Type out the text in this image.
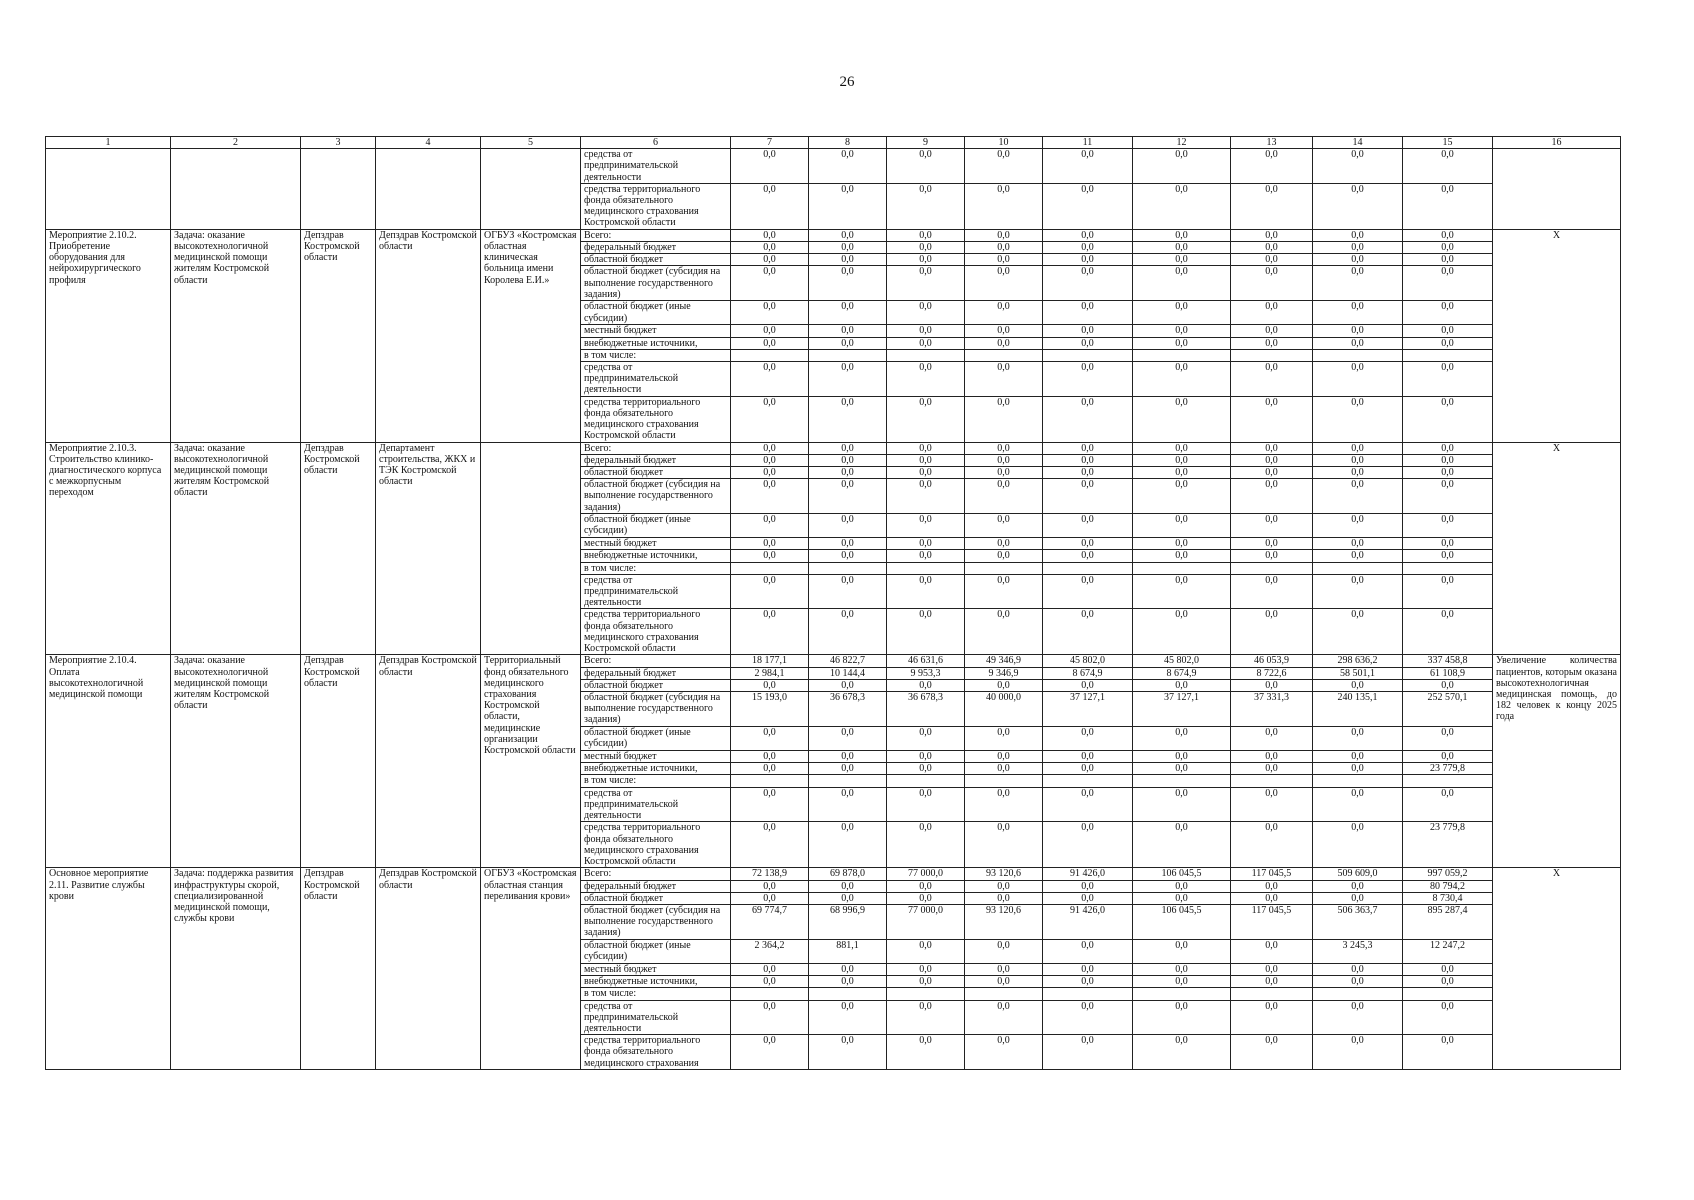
26
1	2	3	4	5	6	7	8	9	10	11	12	13	14	15	16
					средства от предпринимательской деятельности	0,0	0,0	0,0	0,0	0,0	0,0	0,0	0,0	0,0	
					средства территориального фонда обязательного медицинского страхования Костромской области	0,0	0,0	0,0	0,0	0,0	0,0	0,0	0,0	0,0	
Мероприятие 2.10.2. Приобретение оборудования для нейрохирургического профиля	Задача: оказание высокотехнологичной медицинской помощи жителям Костромской области	Депздрав Костромской области	Депздрав Костромской области	ОГБУЗ «Костромская областная клиническая больница имени Королева Е.И.»	Всего:	0,0	0,0	0,0	0,0	0,0	0,0	0,0	0,0	0,0	X
					федеральный бюджет	0,0	0,0	0,0	0,0	0,0	0,0	0,0	0,0	0,0	
					областной бюджет	0,0	0,0	0,0	0,0	0,0	0,0	0,0	0,0	0,0	
					областной бюджет (субсидия на выполнение государственного задания)	0,0	0,0	0,0	0,0	0,0	0,0	0,0	0,0	0,0	
					областной бюджет (иные субсидии)	0,0	0,0	0,0	0,0	0,0	0,0	0,0	0,0	0,0	
					местный бюджет	0,0	0,0	0,0	0,0	0,0	0,0	0,0	0,0	0,0	
					внебюджетные источники,	0,0	0,0	0,0	0,0	0,0	0,0	0,0	0,0	0,0	
					в том числе:										
					средства от предпринимательской деятельности	0,0	0,0	0,0	0,0	0,0	0,0	0,0	0,0	0,0	
					средства территориального фонда обязательного медицинского страхования Костромской области	0,0	0,0	0,0	0,0	0,0	0,0	0,0	0,0	0,0	
Мероприятие 2.10.3. Строительство клинико-диагностического корпуса с межкорпусным переходом	Задача: оказание высокотехнологичной медицинской помощи жителям Костромской области	Депздрав Костромской области	Департамент строительства, ЖКХ и ТЭК Костромской области		Всего:	0,0	0,0	0,0	0,0	0,0	0,0	0,0	0,0	0,0	X
					федеральный бюджет	0,0	0,0	0,0	0,0	0,0	0,0	0,0	0,0	0,0	
					областной бюджет	0,0	0,0	0,0	0,0	0,0	0,0	0,0	0,0	0,0	
					областной бюджет (субсидия на выполнение государственного задания)	0,0	0,0	0,0	0,0	0,0	0,0	0,0	0,0	0,0	
					областной бюджет (иные субсидии)	0,0	0,0	0,0	0,0	0,0	0,0	0,0	0,0	0,0	
					местный бюджет	0,0	0,0	0,0	0,0	0,0	0,0	0,0	0,0	0,0	
					внебюджетные источники,	0,0	0,0	0,0	0,0	0,0	0,0	0,0	0,0	0,0	
					в том числе:										
					средства от предпринимательской деятельности	0,0	0,0	0,0	0,0	0,0	0,0	0,0	0,0	0,0	
					средства территориального фонда обязательного медицинского страхования Костромской области	0,0	0,0	0,0	0,0	0,0	0,0	0,0	0,0	0,0	
Мероприятие 2.10.4. Оплата высокотехнологичной медицинской помощи	Задача: оказание высокотехнологичной медицинской помощи жителям Костромской области	Депздрав Костромской области	Депздрав Костромской области	Территориальный фонд обязательного медицинского страхования Костромской области, медицинские организации Костромской области	Всего:	18 177,1	46 822,7	46 631,6	49 346,9	45 802,0	45 802,0	46 053,9	298 636,2	337 458,8	Увеличение количества пациентов, которым оказана высокотехнологичная медицинская помощь, до 182 человек к концу 2025 года
					федеральный бюджет	2 984,1	10 144,4	9 953,3	9 346,9	8 674,9	8 674,9	8 722,6	58 501,1	61 108,9	
					областной бюджет	0,0	0,0	0,0	0,0	0,0	0,0	0,0	0,0	0,0	
					областной бюджет (субсидия на выполнение государственного задания)	15 193,0	36 678,3	36 678,3	40 000,0	37 127,1	37 127,1	37 331,3	240 135,1	252 570,1	
					областной бюджет (иные субсидии)	0,0	0,0	0,0	0,0	0,0	0,0	0,0	0,0	0,0	
					местный бюджет	0,0	0,0	0,0	0,0	0,0	0,0	0,0	0,0	0,0	
					внебюджетные источники,	0,0	0,0	0,0	0,0	0,0	0,0	0,0	0,0	23 779,8	
					в том числе:										
					средства от предпринимательской деятельности	0,0	0,0	0,0	0,0	0,0	0,0	0,0	0,0	0,0	
					средства территориального фонда обязательного медицинского страхования Костромской области	0,0	0,0	0,0	0,0	0,0	0,0	0,0	0,0	23 779,8	
Основное мероприятие 2.11. Развитие службы крови	Задача: поддержка развития инфраструктуры скорой, специализированной медицинской помощи, службы крови	Депздрав Костромской области	Депздрав Костромской области	ОГБУЗ «Костромская областная станция переливания крови»	Всего:	72 138,9	69 878,0	77 000,0	93 120,6	91 426,0	106 045,5	117 045,5	509 609,0	997 059,2	X
					федеральный бюджет	0,0	0,0	0,0	0,0	0,0	0,0	0,0	0,0	80 794,2	
					областной бюджет	0,0	0,0	0,0	0,0	0,0	0,0	0,0	0,0	8 730,4	
					областной бюджет (субсидия на выполнение государственного задания)	69 774,7	68 996,9	77 000,0	93 120,6	91 426,0	106 045,5	117 045,5	506 363,7	895 287,4	
					областной бюджет (иные субсидии)	2 364,2	881,1	0,0	0,0	0,0	0,0	0,0	3 245,3	12 247,2	
					местный бюджет	0,0	0,0	0,0	0,0	0,0	0,0	0,0	0,0	0,0	
					внебюджетные источники,	0,0	0,0	0,0	0,0	0,0	0,0	0,0	0,0	0,0	
					в том числе:										
					средства от предпринимательской деятельности	0,0	0,0	0,0	0,0	0,0	0,0	0,0	0,0	0,0	
					средства территориального фонда обязательного медицинского страхования	0,0	0,0	0,0	0,0	0,0	0,0	0,0	0,0	0,0	
